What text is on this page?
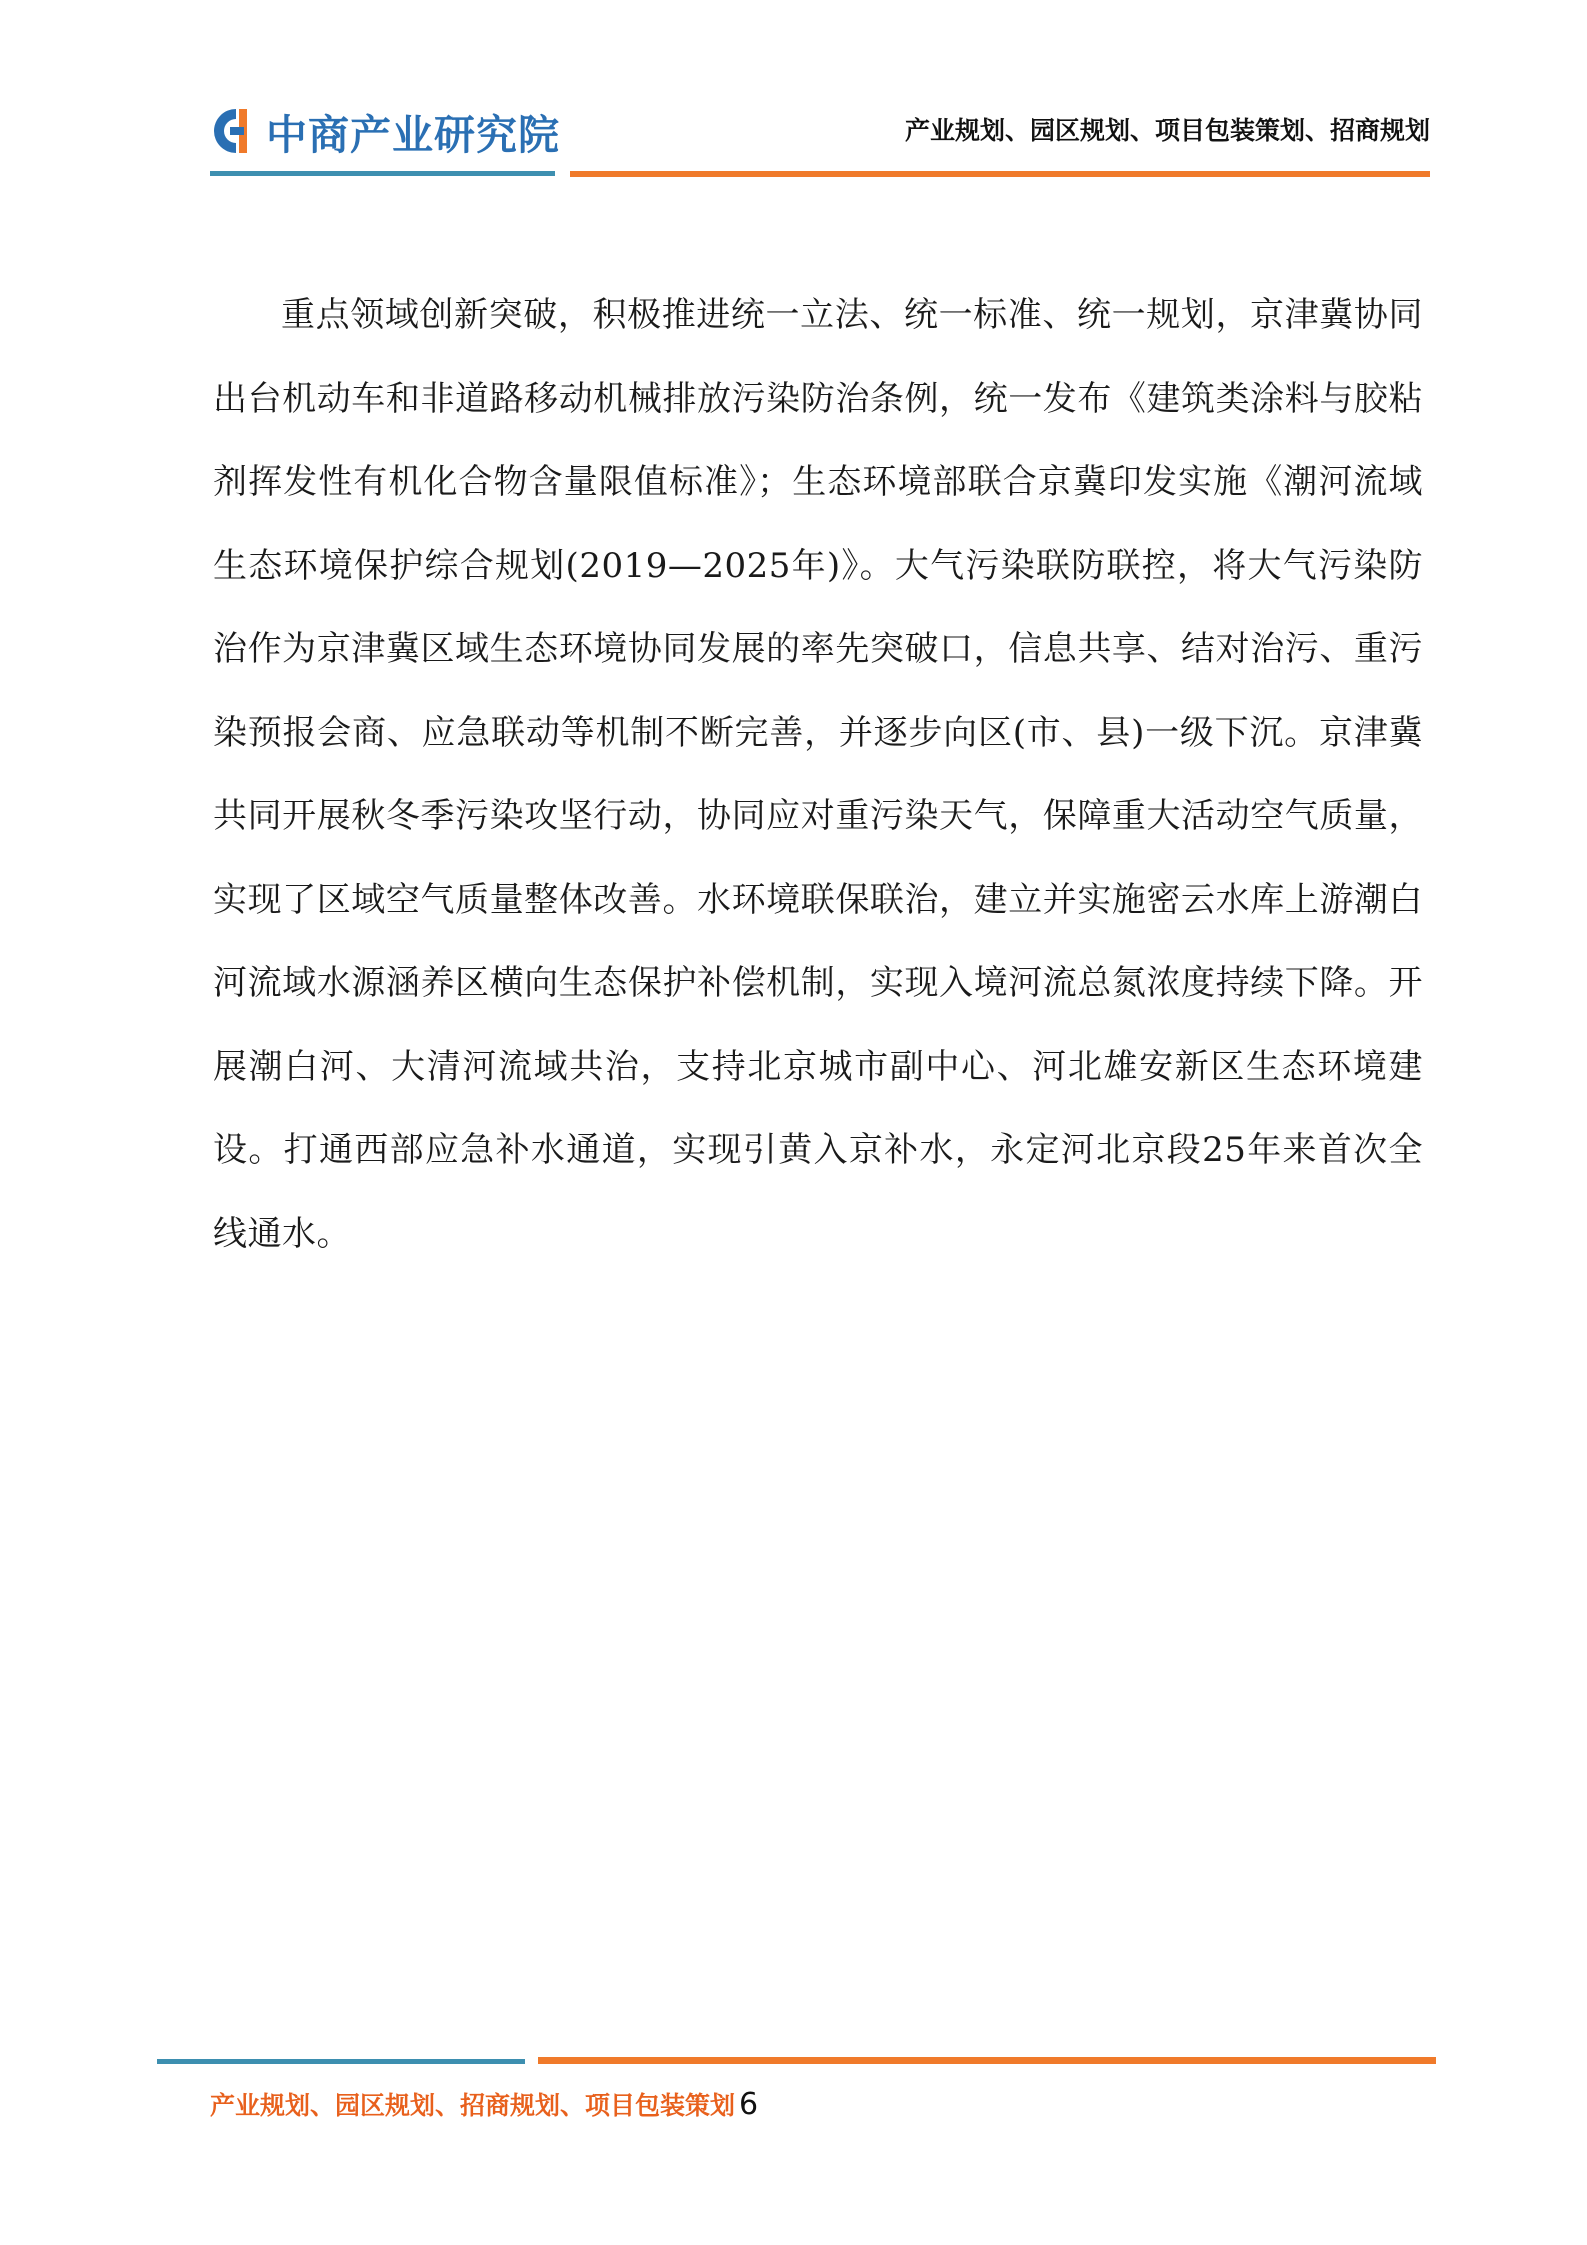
中商产业研究院	产业规划、园区规划、项目包装策划、招商规划

重点领域创新突破，积极推进统一立法、统一标准、统一规划，京津冀协同出台机动车和非道路移动机械排放污染防治条例，统一发布《建筑类涂料与胶粘剂挥发性有机化合物含量限值标准》；生态环境部联合京冀印发实施《潮河流域生态环境保护综合规划(2019—2025年)》。大气污染联防联控，将大气污染防治作为京津冀区域生态环境协同发展的率先突破口，信息共享、结对治污、重污染预报会商、应急联动等机制不断完善，并逐步向区(市、县)一级下沉。京津冀共同开展秋冬季污染攻坚行动，协同应对重污染天气，保障重大活动空气质量，实现了区域空气质量整体改善。水环境联保联治，建立并实施密云水库上游潮白河流域水源涵养区横向生态保护补偿机制，实现入境河流总氮浓度持续下降。开展潮白河、大清河流域共治，支持北京城市副中心、河北雄安新区生态环境建设。打通西部应急补水通道，实现引黄入京补水，永定河北京段25年来首次全线通水。

产业规划、园区规划、招商规划、项目包装策划 6
